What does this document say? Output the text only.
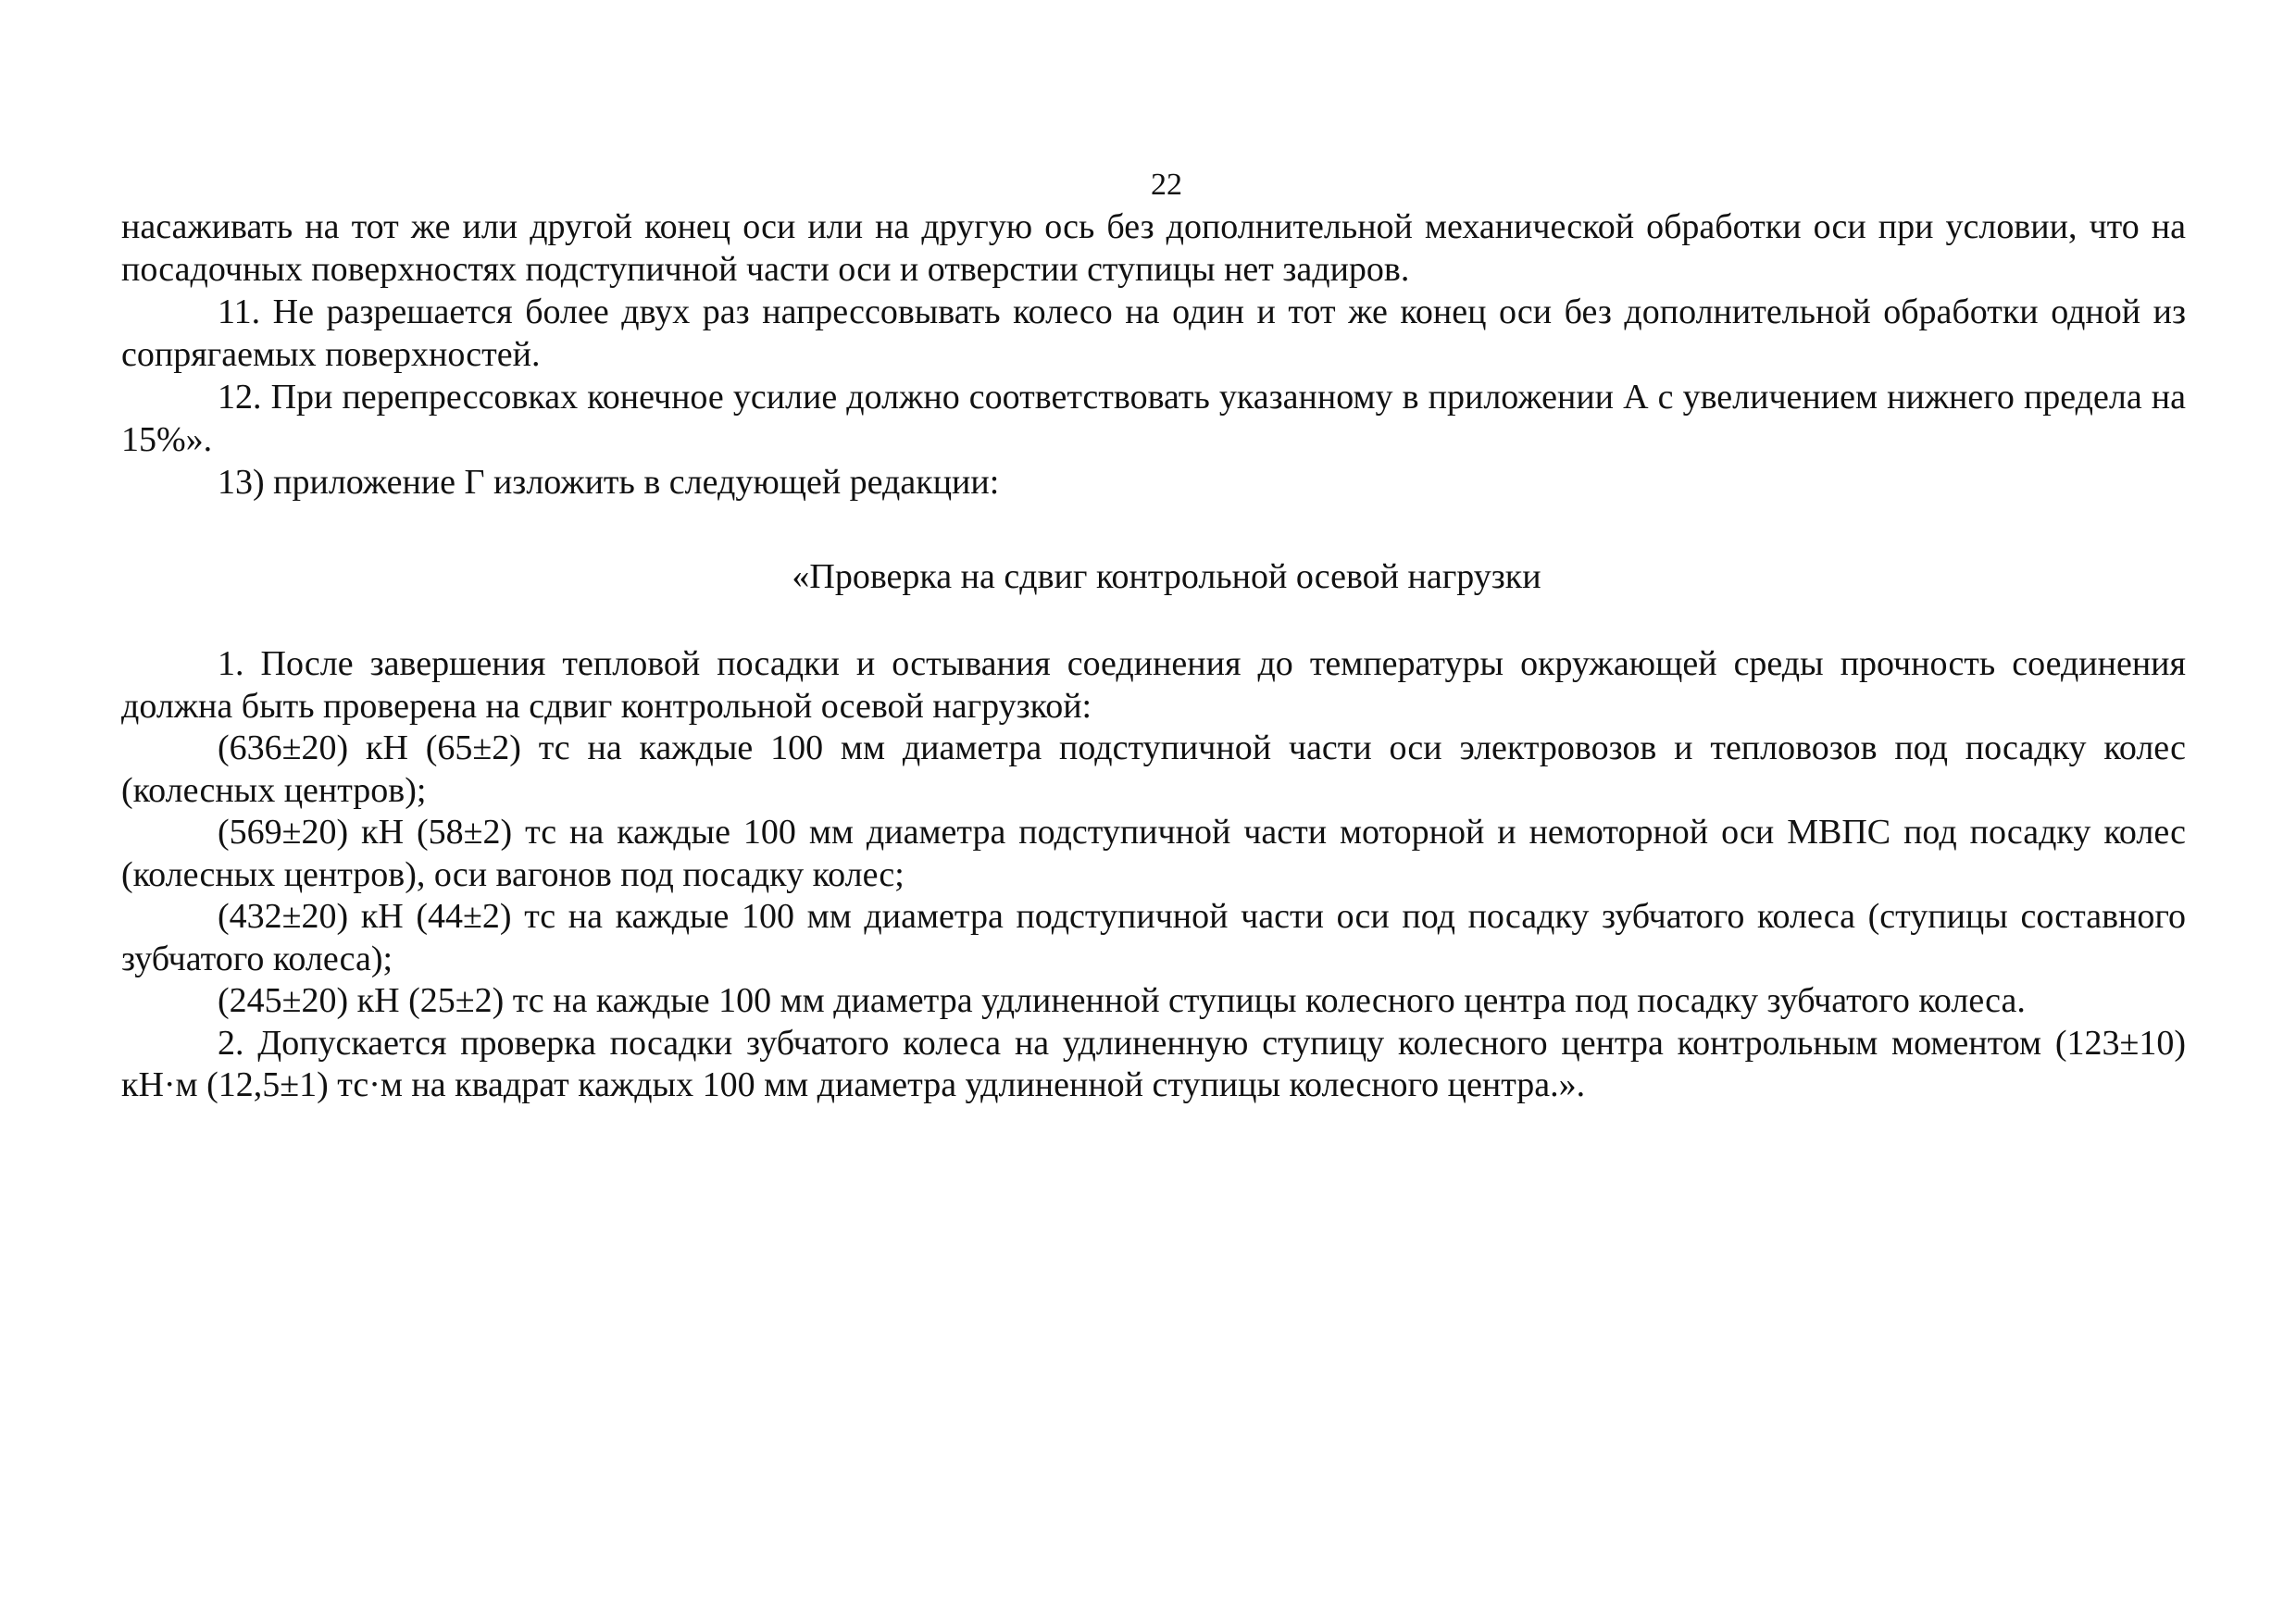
22

насаживать на тот же или другой конец оси или на другую ось без дополнительной механической обработки оси при условии, что на посадочных поверхностях подступичной части оси и отверстии ступицы нет задиров.

11. Не разрешается более двух раз напрессовывать колесо на один и тот же конец оси без дополнительной обработки одной из сопрягаемых поверхностей.

12. При перепрессовках конечное усилие должно соответствовать указанному в приложении А с увеличением нижнего предела на 15%».

13) приложение Г изложить в следующей редакции:

«Проверка на сдвиг контрольной осевой нагрузки

1. После завершения тепловой посадки и остывания соединения до температуры окружающей среды прочность соединения должна быть проверена на сдвиг контрольной осевой нагрузкой:

(636±20) кН (65±2) тс на каждые 100 мм диаметра подступичной части оси электровозов и тепловозов под посадку колес (колесных центров);

(569±20) кН (58±2) тс на каждые 100 мм диаметра подступичной части моторной и немоторной оси МВПС под посадку колес (колесных центров), оси вагонов под посадку колес;

(432±20) кН (44±2) тс на каждые 100 мм диаметра подступичной части оси под посадку зубчатого колеса (ступицы составного зубчатого колеса);

(245±20) кН (25±2) тс на каждые 100 мм диаметра удлиненной ступицы колесного центра под посадку зубчатого колеса.

2. Допускается проверка посадки зубчатого колеса на удлиненную ступицу колесного центра контрольным моментом (123±10) кН·м (12,5±1) тс·м на квадрат каждых 100 мм диаметра удлиненной ступицы колесного центра.».
